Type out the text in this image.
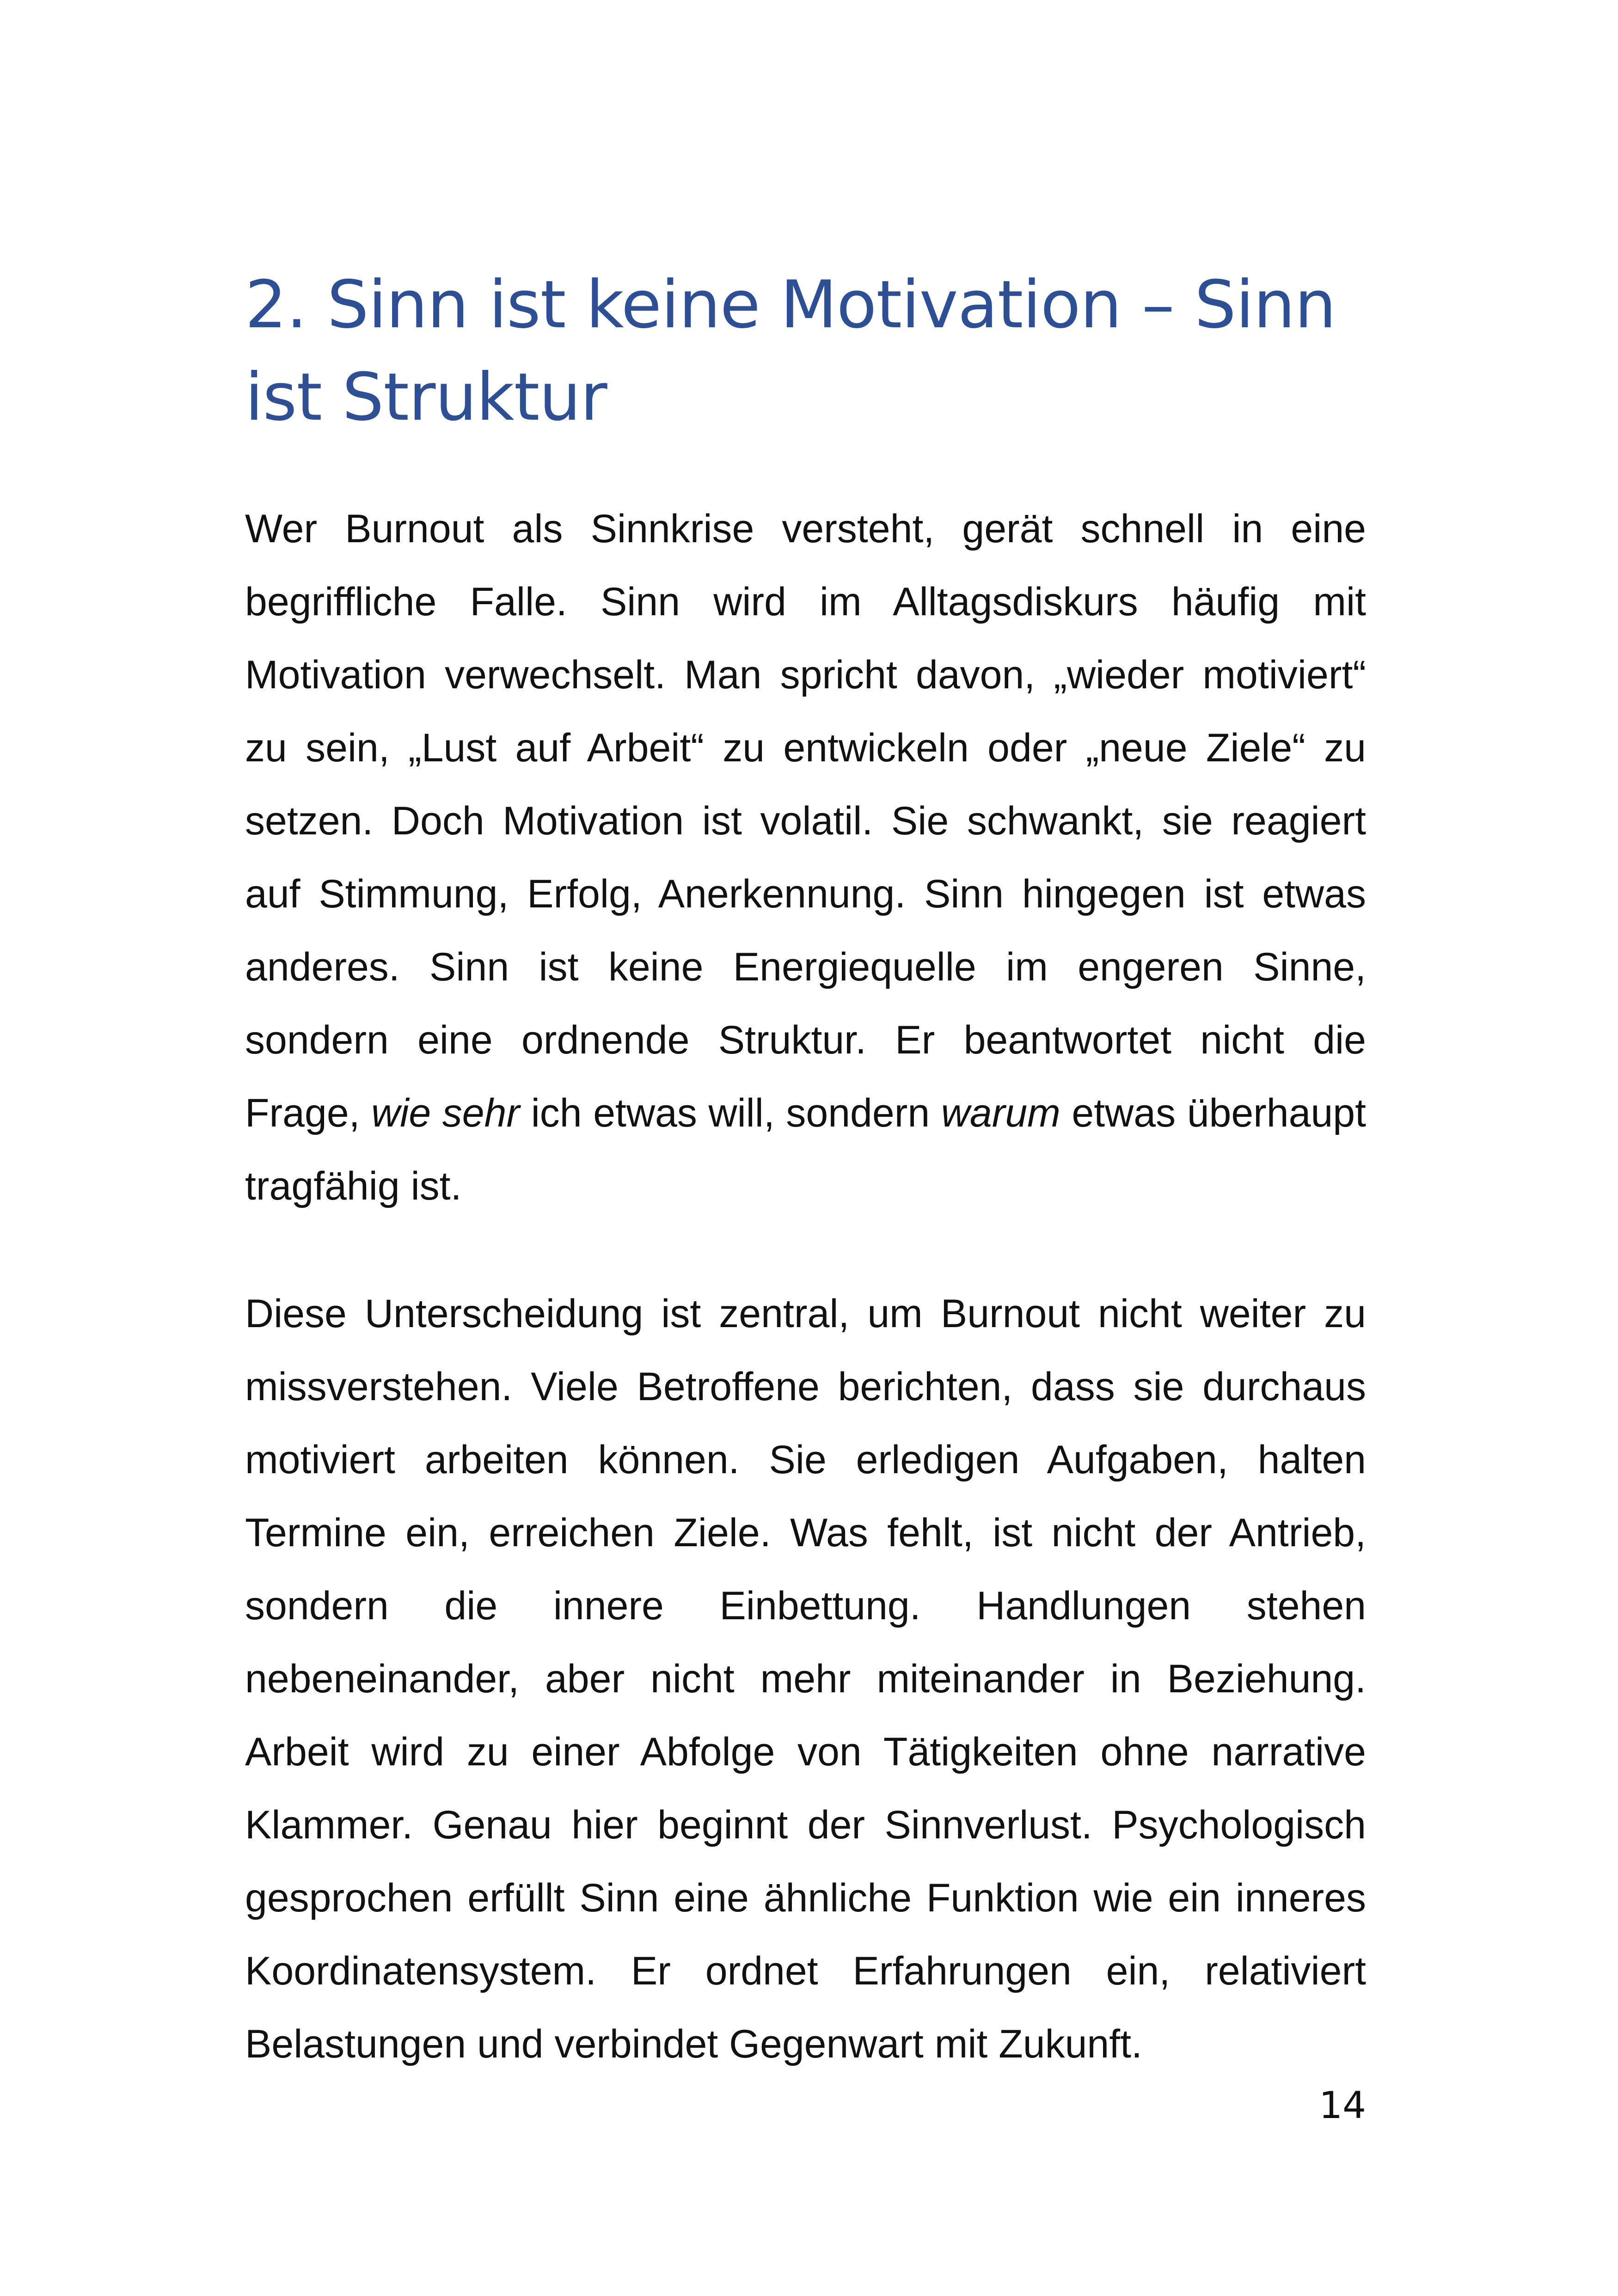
2. Sinn ist keine Motivation – Sinn
ist Struktur

Wer Burnout als Sinnkrise versteht, gerät schnell in eine begriffliche Falle. Sinn wird im Alltagsdiskurs häufig mit Motivation verwechselt. Man spricht davon, „wieder motiviert“ zu sein, „Lust auf Arbeit“ zu entwickeln oder „neue Ziele“ zu setzen. Doch Motivation ist volatil. Sie schwankt, sie reagiert auf Stimmung, Erfolg, Anerkennung. Sinn hingegen ist etwas anderes. Sinn ist keine Energiequelle im engeren Sinne, sondern eine ordnende Struktur. Er beantwortet nicht die Frage, wie sehr ich etwas will, sondern warum etwas überhaupt tragfähig ist.

Diese Unterscheidung ist zentral, um Burnout nicht weiter zu missverstehen. Viele Betroffene berichten, dass sie durchaus motiviert arbeiten können. Sie erledigen Aufgaben, halten Termine ein, erreichen Ziele. Was fehlt, ist nicht der Antrieb, sondern die innere Einbettung. Handlungen stehen nebeneinander, aber nicht mehr miteinander in Beziehung. Arbeit wird zu einer Abfolge von Tätigkeiten ohne narrative Klammer. Genau hier beginnt der Sinnverlust. Psychologisch gesprochen erfüllt Sinn eine ähnliche Funktion wie ein inneres Koordinatensystem. Er ordnet Erfahrungen ein, relativiert Belastungen und verbindet Gegenwart mit Zukunft.

14
